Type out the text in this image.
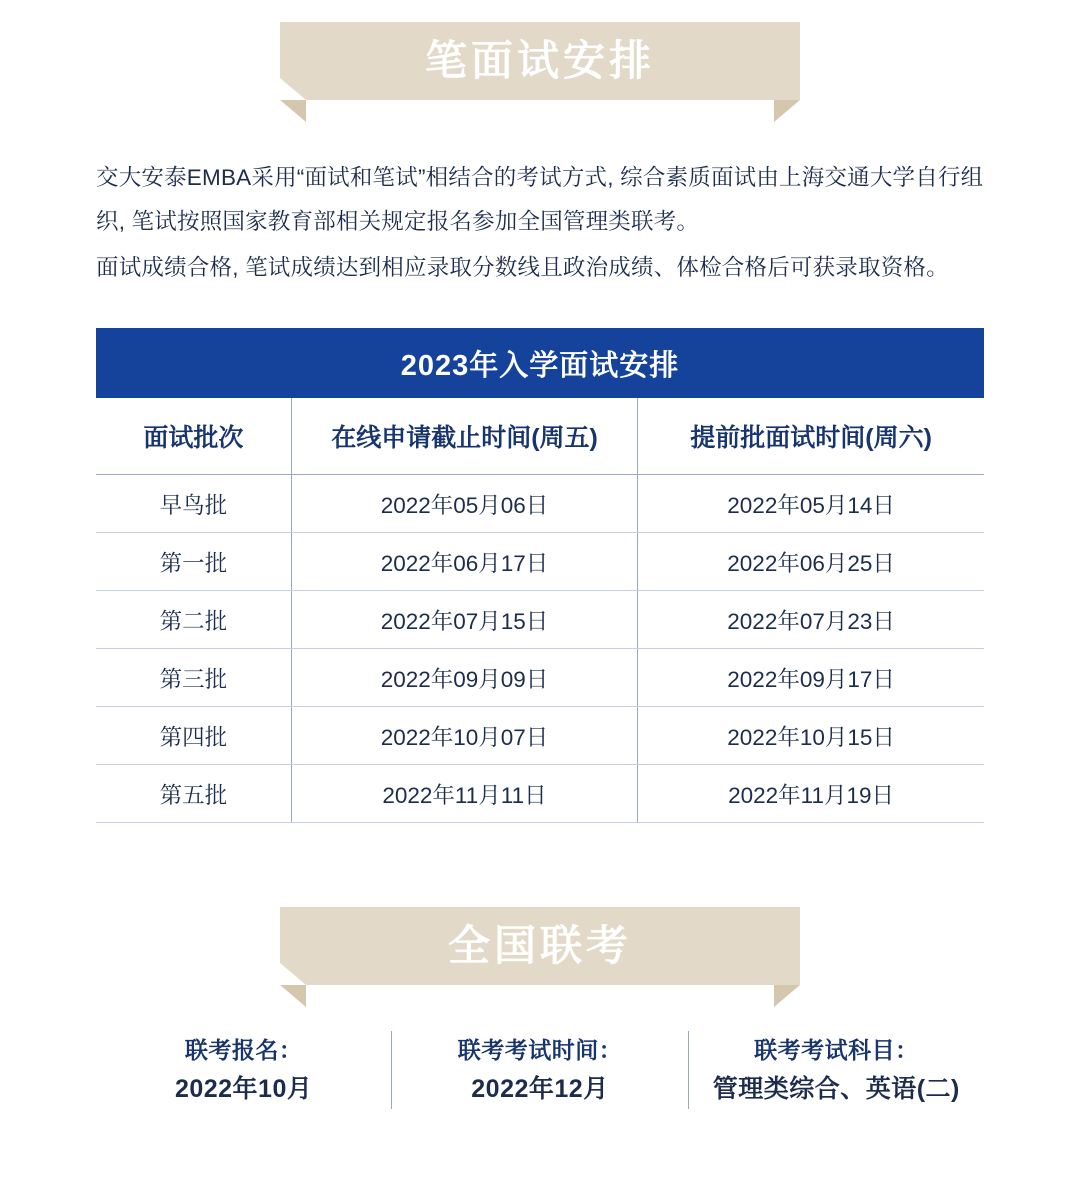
笔面试安排

交大安泰EMBA采用“面试和笔试”相结合的考试方式, 综合素质面试由上海交通大学自行组织, 笔试按照国家教育部相关规定报名参加全国管理类联考。

面试成绩合格, 笔试成绩达到相应录取分数线且政治成绩、体检合格后可获录取资格。

2023年入学面试安排		
面试批次	在线申请截止时间(周五)	提前批面试时间(周六)
早鸟批	2022年05月06日	2022年05月14日
第一批	2022年06月17日	2022年06月25日
第二批	2022年07月15日	2022年07月23日
第三批	2022年09月09日	2022年09月17日
第四批	2022年10月07日	2022年10月15日
第五批	2022年11月11日	2022年11月19日
全国联考
联考报名：
2022年10月
联考考试时间：
2022年12月
联考考试科目：
管理类综合、英语(二)
